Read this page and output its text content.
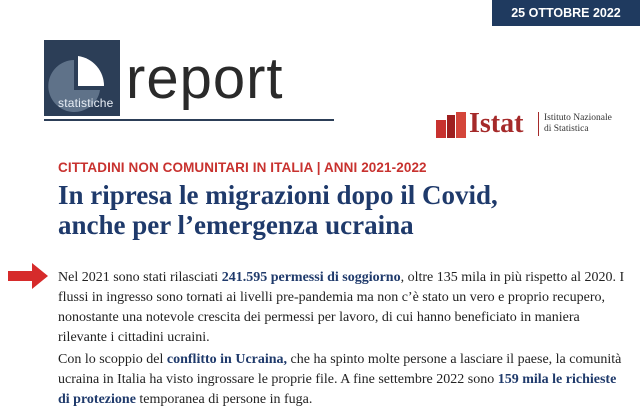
25 OTTOBRE 2022
statistiche report
Istat Istituto Nazionale
di Statistica
CITTADINI NON COMUNITARI IN ITALIA | ANNI 2021-2022
In ripresa le migrazioni dopo il Covid,
anche per l’emergenza ucraina

Nel 2021 sono stati rilasciati 241.595 permessi di soggiorno, oltre 135 mila in più rispetto al 2020. I flussi in ingresso sono tornati ai livelli pre-pandemia ma non c’è stato un vero e proprio recupero, nonostante una notevole crescita dei permessi per lavoro, di cui hanno beneficiato in maniera rilevante i cittadini ucraini.

Con lo scoppio del conflitto in Ucraina, che ha spinto molte persone a lasciare il paese, la comunità ucraina in Italia ha visto ingrossare le proprie file. A fine settembre 2022 sono 159 mila le richieste di protezione temporanea di persone in fuga.
